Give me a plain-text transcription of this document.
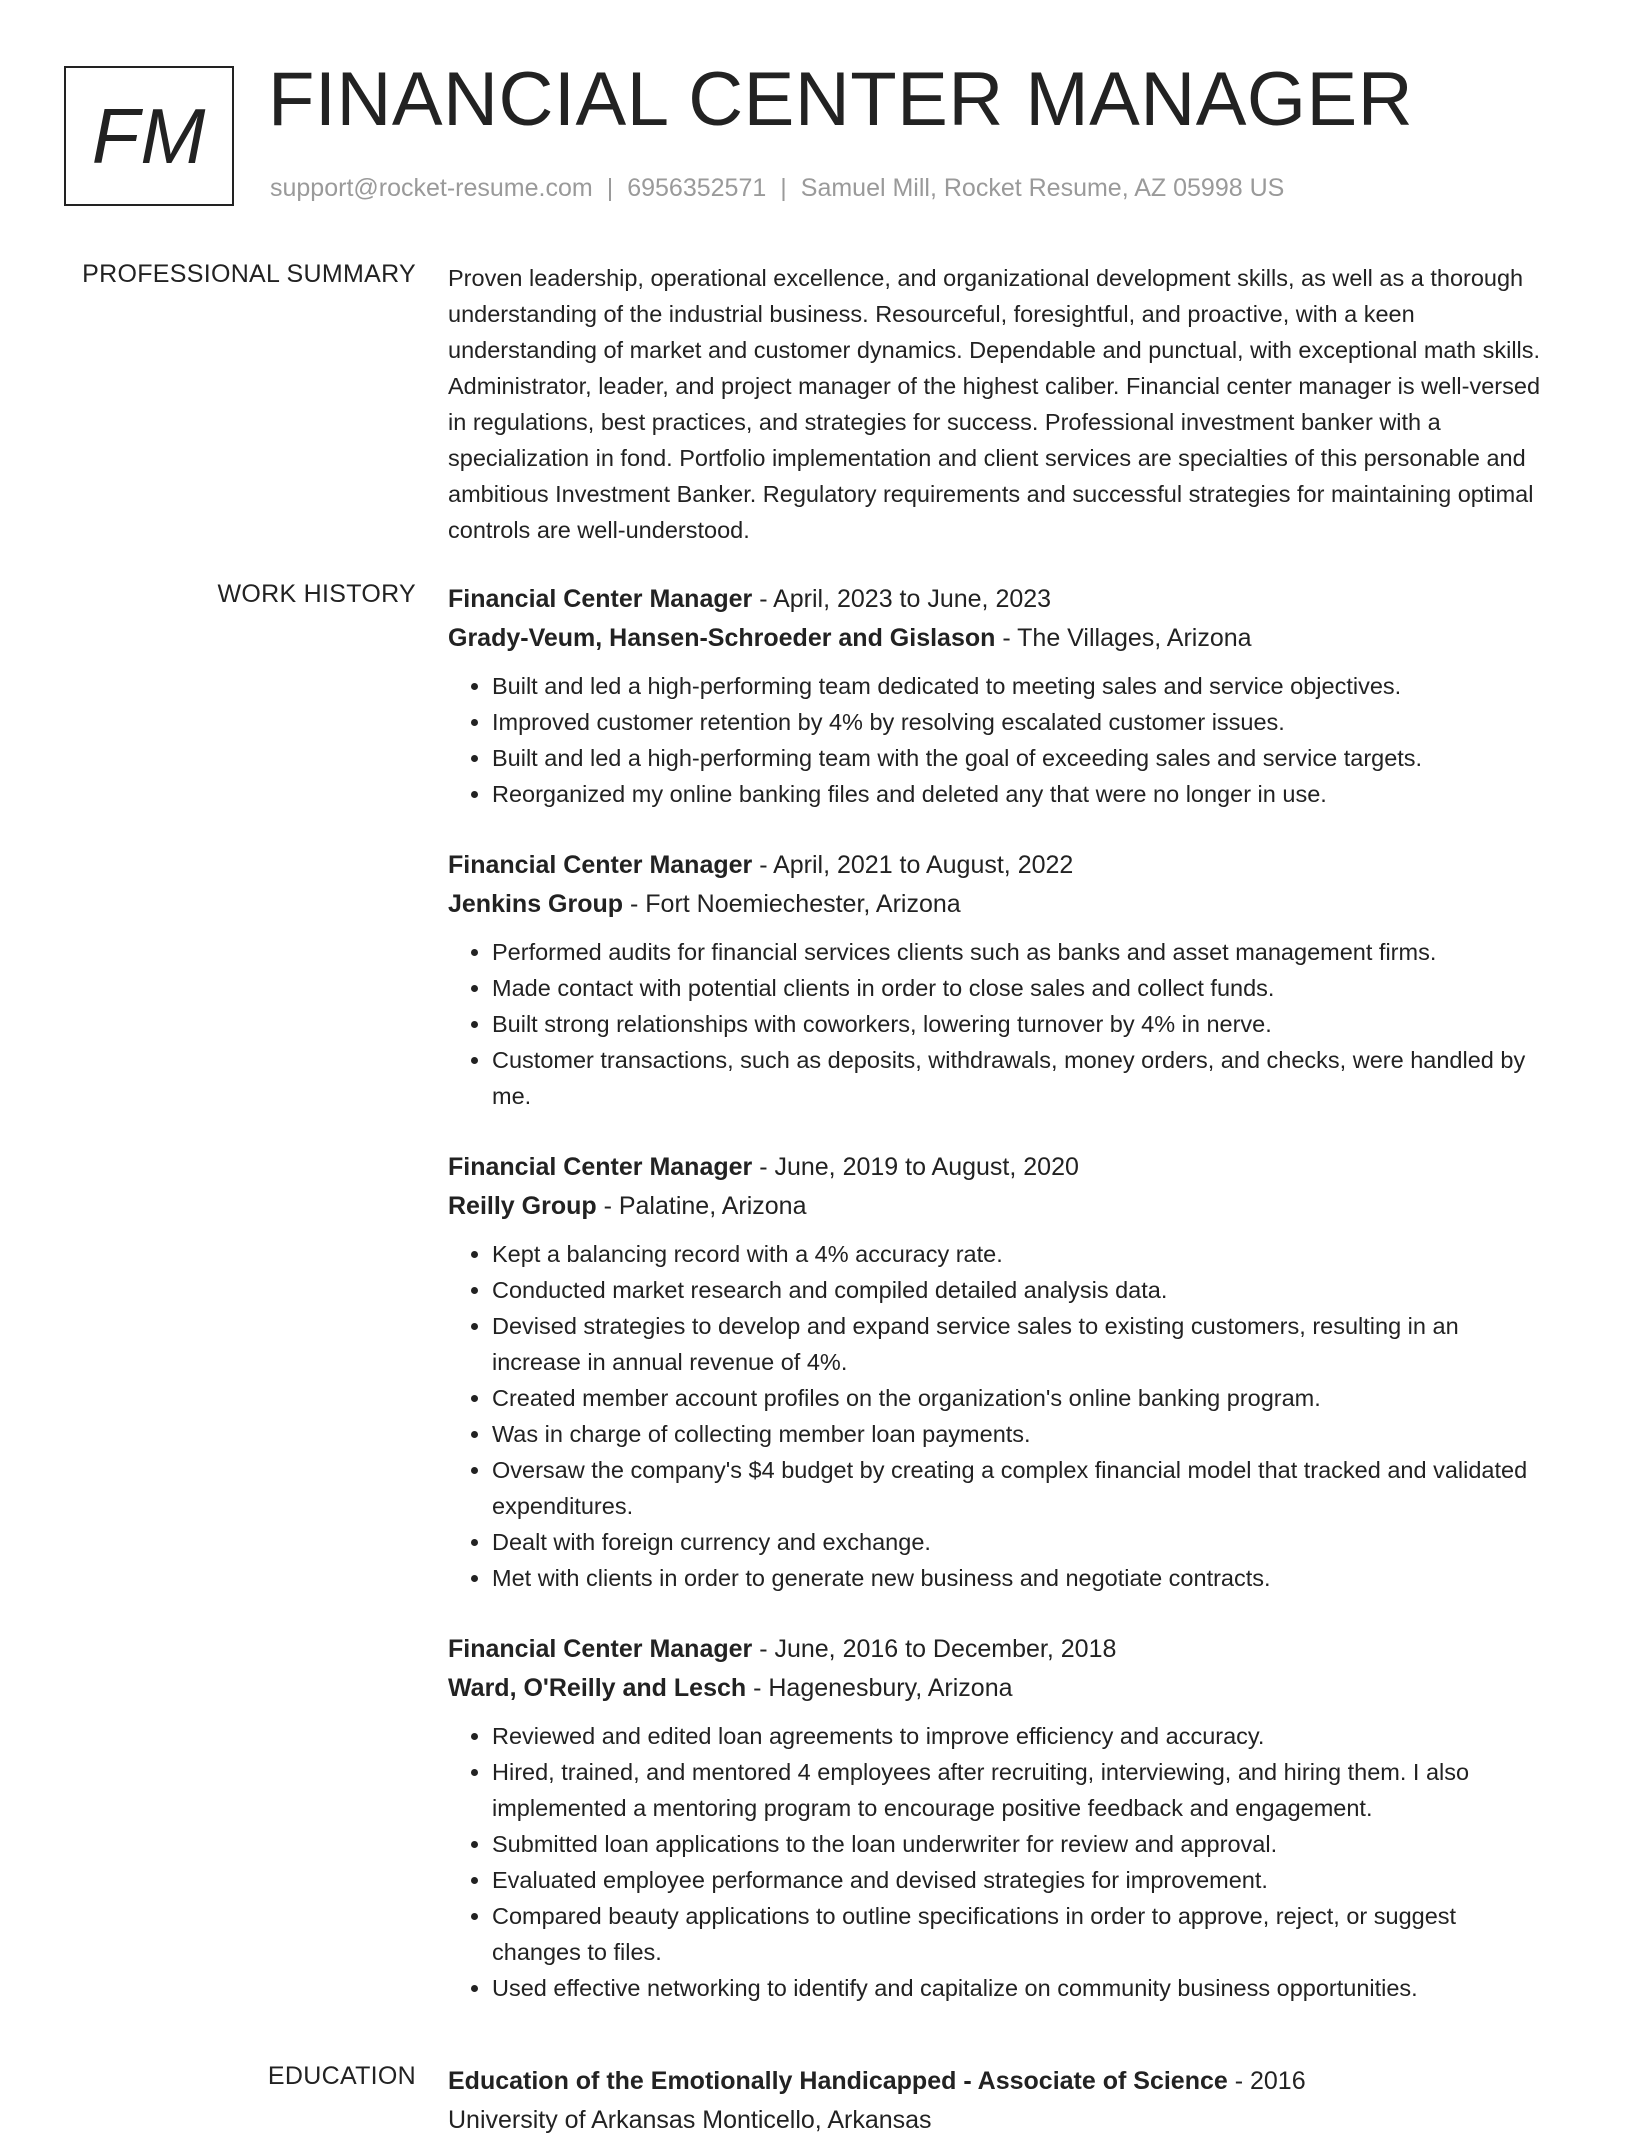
FM FINANCIAL CENTER MANAGER
support@rocket-resume.com | 6956352571 | Samuel Mill, Rocket Resume, AZ 05998 US
PROFESSIONAL SUMMARY Proven leadership, operational excellence, and organizational development skills, as well as a thorough understanding of the industrial business. Resourceful, foresightful, and proactive, with a keen understanding of market and customer dynamics. Dependable and punctual, with exceptional math skills. Administrator, leader, and project manager of the highest caliber. Financial center manager is well-versed in regulations, best practices, and strategies for success. Professional investment banker with a specialization in fond. Portfolio implementation and client services are specialties of this personable and ambitious Investment Banker. Regulatory requirements and successful strategies for maintaining optimal controls are well-understood.

WORK HISTORY Financial Center Manager - April, 2023 to June, 2023
Grady-Veum, Hansen-Schroeder and Gislason - The Villages, Arizona
• Built and led a high-performing team dedicated to meeting sales and service objectives.
• Improved customer retention by 4% by resolving escalated customer issues.
• Built and led a high-performing team with the goal of exceeding sales and service targets.
• Reorganized my online banking files and deleted any that were no longer in use.
Financial Center Manager - April, 2021 to August, 2022
Jenkins Group - Fort Noemiechester, Arizona
• Performed audits for financial services clients such as banks and asset management firms.
• Made contact with potential clients in order to close sales and collect funds.
• Built strong relationships with coworkers, lowering turnover by 4% in nerve.
• Customer transactions, such as deposits, withdrawals, money orders, and checks, were handled by me.
Financial Center Manager - June, 2019 to August, 2020
Reilly Group - Palatine, Arizona
• Kept a balancing record with a 4% accuracy rate.
• Conducted market research and compiled detailed analysis data.
• Devised strategies to develop and expand service sales to existing customers, resulting in an increase in annual revenue of 4%.
• Created member account profiles on the organization's online banking program.
• Was in charge of collecting member loan payments.
• Oversaw the company's $4 budget by creating a complex financial model that tracked and validated expenditures.
• Dealt with foreign currency and exchange.
• Met with clients in order to generate new business and negotiate contracts.
Financial Center Manager - June, 2016 to December, 2018
Ward, O'Reilly and Lesch - Hagenesbury, Arizona
• Reviewed and edited loan agreements to improve efficiency and accuracy.
• Hired, trained, and mentored 4 employees after recruiting, interviewing, and hiring them. I also implemented a mentoring program to encourage positive feedback and engagement.
• Submitted loan applications to the loan underwriter for review and approval.
• Evaluated employee performance and devised strategies for improvement.
• Compared beauty applications to outline specifications in order to approve, reject, or suggest changes to files.
• Used effective networking to identify and capitalize on community business opportunities.
EDUCATION Education of the Emotionally Handicapped - Associate of Science - 2016
University of Arkansas Monticello, Arkansas
